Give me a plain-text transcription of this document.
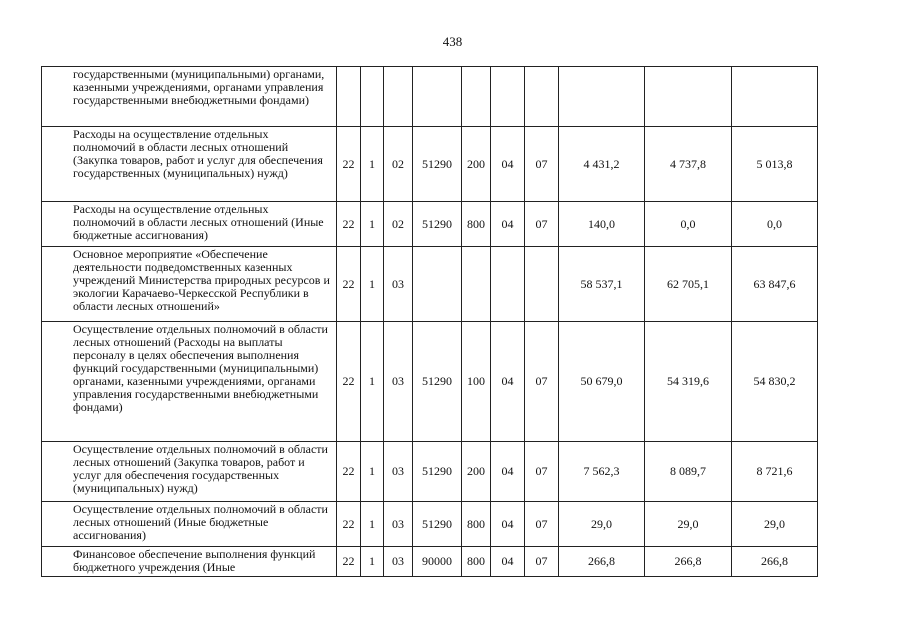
438
государственными (муниципальными) органами, казенными учреждениями, органами управления государственными внебюджетными фондами)										
Расходы на осуществление отдельных полномочий в области лесных отношений (Закупка товаров, работ и услуг для обеспечения государственных (муниципальных) нужд)	22	1	02	51290	200	04	07	4 431,2	4 737,8	5 013,8
Расходы на осуществление отдельных полномочий в области лесных отношений (Иные бюджетные ассигнования)	22	1	02	51290	800	04	07	140,0	0,0	0,0
Основное мероприятие «Обеспечение деятельности подведомственных казенных учреждений Министерства природных ресурсов и экологии Карачаево-Черкесской Республики в области лесных отношений»	22	1	03					58 537,1	62 705,1	63 847,6
Осуществление отдельных полномочий в области лесных отношений (Расходы на выплаты персоналу в целях обеспечения выполнения функций государственными (муниципальными) органами, казенными учреждениями, органами управления государственными внебюджетными фондами)	22	1	03	51290	100	04	07	50 679,0	54 319,6	54 830,2
Осуществление отдельных полномочий в области лесных отношений (Закупка товаров, работ и услуг для обеспечения государственных (муниципальных) нужд)	22	1	03	51290	200	04	07	7 562,3	8 089,7	8 721,6
Осуществление отдельных полномочий в области лесных отношений (Иные бюджетные ассигнования)	22	1	03	51290	800	04	07	29,0	29,0	29,0
Финансовое обеспечение выполнения функций бюджетного учреждения (Иные	22	1	03	90000	800	04	07	266,8	266,8	266,8
